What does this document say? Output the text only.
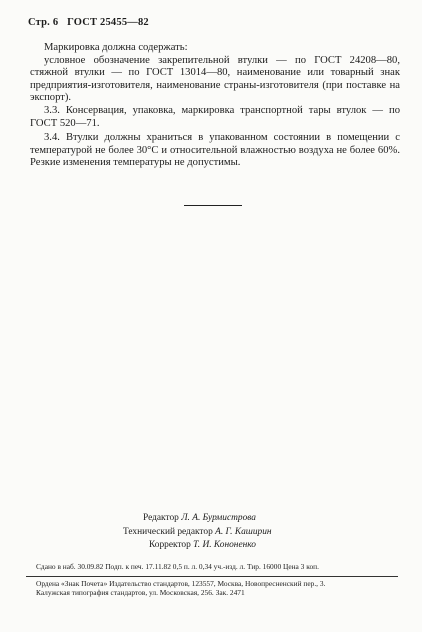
Стр. 6 ГОСТ 25455—82

Маркировка должна содержать:

условное обозначение закрепительной втулки — по ГОСТ 24208—80, стяжной втулки — по ГОСТ 13014—80, наименование или товарный знак предприятия-изготовителя, наименование страны-изготовителя (при поставке на экспорт).

3.3. Консервация, упаковка, маркировка транспортной тары втулок — по ГОСТ 520—71.

3.4. Втулки должны храниться в упакованном состоянии в помещении с температурой не более 30°C и относительной влажностью воздуха не более 60%. Резкие изменения температуры не допустимы.

Редактор Л. А. Бурмистрова
Технический редактор А. Г. Каширин
Корректор Т. И. Кононенко
Сдано в наб. 30.09.82 Подп. к печ. 17.11.82 0,5 п. л. 0,34 уч.-изд. л. Тир. 16000 Цена 3 коп.
Ордена «Знак Почета» Издательство стандартов, 123557, Москва, Новопресненский пер., 3.
Калужская типография стандартов, ул. Московская, 256. Зак. 2471
